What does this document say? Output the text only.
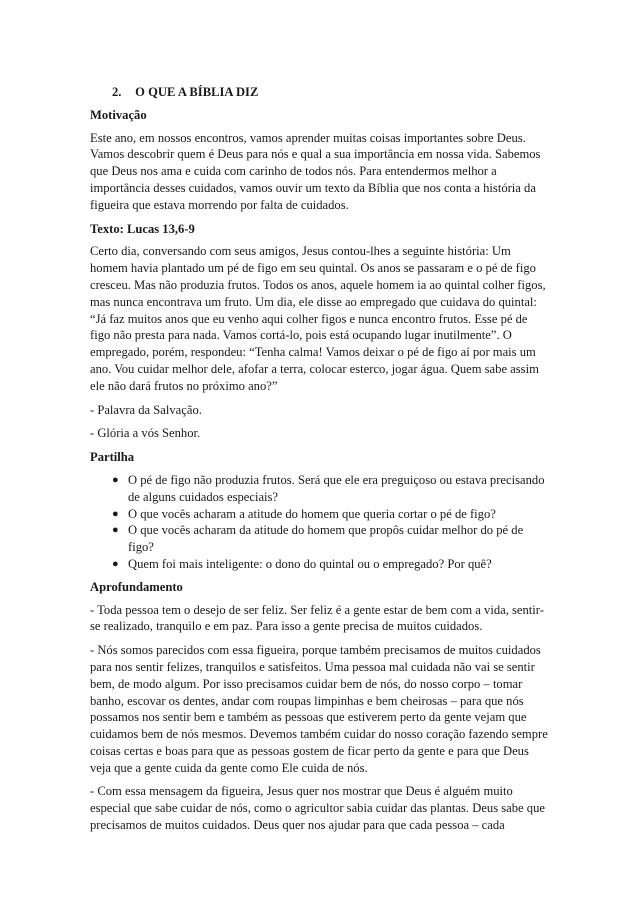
2. O QUE A BÍBLIA DIZ
Motivação

Este ano, em nossos encontros, vamos aprender muitas coisas importantes sobre Deus. Vamos descobrir quem é Deus para nós e qual a sua importância em nossa vida. Sabemos que Deus nos ama e cuida com carinho de todos nós. Para entendermos melhor a importância desses cuidados, vamos ouvir um texto da Bíblia que nos conta a história da figueira que estava morrendo por falta de cuidados.

Texto: Lucas 13,6-9

Certo dia, conversando com seus amigos, Jesus contou-lhes a seguinte história: Um homem havia plantado um pé de figo em seu quintal. Os anos se passaram e o pé de figo cresceu. Mas não produzia frutos. Todos os anos, aquele homem ia ao quintal colher figos, mas nunca encontrava um fruto. Um dia, ele disse ao empregado que cuidava do quintal: “Já faz muitos anos que eu venho aqui colher figos e nunca encontro frutos. Esse pé de figo não presta para nada. Vamos cortá-lo, pois está ocupando lugar inutilmente”. O empregado, porém, respondeu: “Tenha calma! Vamos deixar o pé de figo aí por mais um ano. Vou cuidar melhor dele, afofar a terra, colocar esterco, jogar água. Quem sabe assim ele não dará frutos no próximo ano?”

- Palavra da Salvação.

- Glória a vós Senhor.

Partilha
● O pé de figo não produzia frutos. Será que ele era preguiçoso ou estava precisando de alguns cuidados especiais?
● O que vocês acharam a atitude do homem que queria cortar o pé de figo?
● O que vocês acharam da atitude do homem que propôs cuidar melhor do pé de figo?
● Quem foi mais inteligente: o dono do quintal ou o empregado? Por quê?
Aprofundamento

- Toda pessoa tem o desejo de ser feliz. Ser feliz é a gente estar de bem com a vida, sentir-se realizado, tranquilo e em paz. Para isso a gente precisa de muitos cuidados.

- Nós somos parecidos com essa figueira, porque também precisamos de muitos cuidados para nos sentir felizes, tranquilos e satisfeitos. Uma pessoa mal cuidada não vai se sentir bem, de modo algum. Por isso precisamos cuidar bem de nós, do nosso corpo – tomar banho, escovar os dentes, andar com roupas limpinhas e bem cheirosas – para que nós possamos nos sentir bem e também as pessoas que estiverem perto da gente vejam que cuidamos bem de nós mesmos. Devemos também cuidar do nosso coração fazendo sempre coisas certas e boas para que as pessoas gostem de ficar perto da gente e para que Deus veja que a gente cuida da gente como Ele cuida de nós.

- Com essa mensagem da figueira, Jesus quer nos mostrar que Deus é alguém muito especial que sabe cuidar de nós, como o agricultor sabia cuidar das plantas. Deus sabe que precisamos de muitos cuidados. Deus quer nos ajudar para que cada pessoa – cada
